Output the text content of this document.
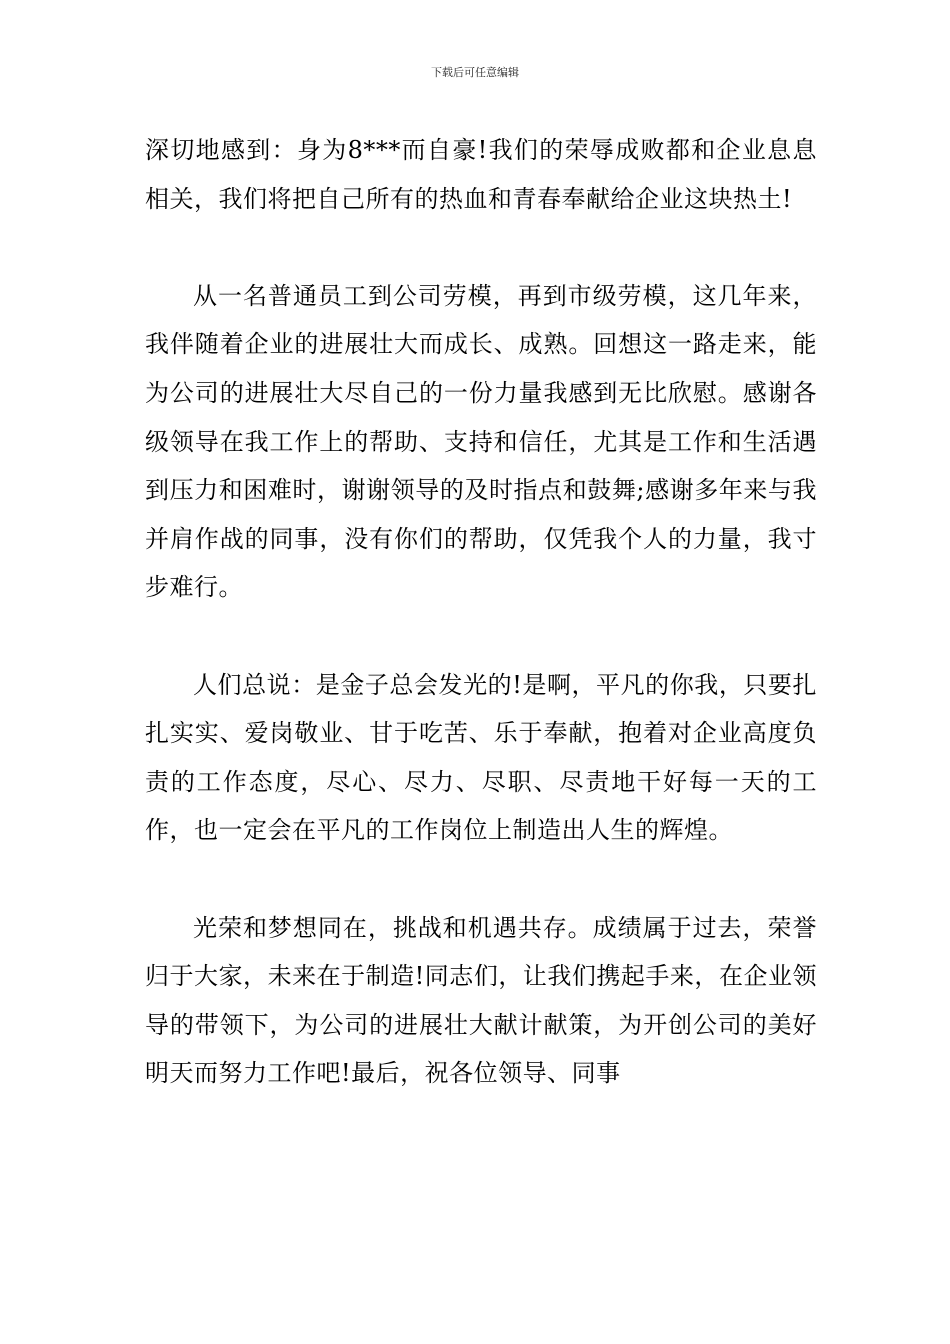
下载后可任意编辑

深切地感到：身为8***而自豪!我们的荣辱成败都和企业息息相关，我们将把自己所有的热血和青春奉献给企业这块热土!

从一名普通员工到公司劳模，再到市级劳模，这几年来，我伴随着企业的进展壮大而成长、成熟。回想这一路走来，能为公司的进展壮大尽自己的一份力量我感到无比欣慰。感谢各级领导在我工作上的帮助、支持和信任，尤其是工作和生活遇到压力和困难时，谢谢领导的及时指点和鼓舞;感谢多年来与我并肩作战的同事，没有你们的帮助，仅凭我个人的力量，我寸步难行。

人们总说：是金子总会发光的!是啊，平凡的你我，只要扎扎实实、爱岗敬业、甘于吃苦、乐于奉献，抱着对企业高度负责的工作态度，尽心、尽力、尽职、尽责地干好每一天的工作，也一定会在平凡的工作岗位上制造出人生的辉煌。

光荣和梦想同在，挑战和机遇共存。成绩属于过去，荣誉归于大家，未来在于制造!同志们，让我们携起手来，在企业领导的带领下，为公司的进展壮大献计献策，为开创公司的美好明天而努力工作吧!最后，祝各位领导、同事
